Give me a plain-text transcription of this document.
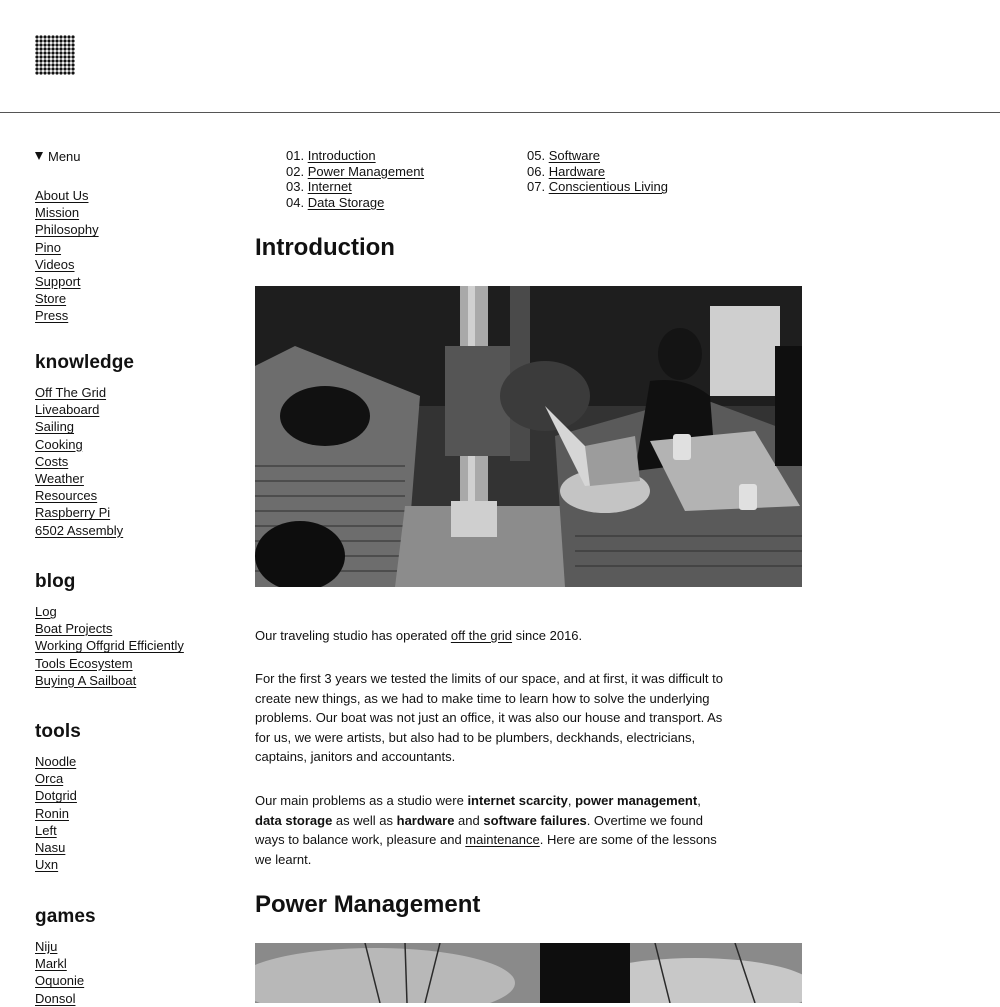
Menu
About Us
Mission
Philosophy
Pino
Videos
Support
Store
Press
knowledge
Off The Grid
Liveaboard
Sailing
Cooking
Costs
Weather
Resources
Raspberry Pi
6502 Assembly
blog
Log
Boat Projects
Working Offgrid Efficiently
Tools Ecosystem
Buying A Sailboat
tools
Noodle
Orca
Dotgrid
Ronin
Left
Nasu
Uxn
games
Niju
Markl
Oquonie
Donsol
01. Introduction
02. Power Management
03. Internet
04. Data Storage
05. Software
06. Hardware
07. Conscientious Living
Introduction

Our traveling studio has operated off the grid since 2016.

For the first 3 years we tested the limits of our space, and at first, it was difficult to create new things, as we had to make time to learn how to solve the underlying problems. Our boat was not just an office, it was also our house and transport. As for us, we were artists, but also had to be plumbers, deckhands, electricians, captains, janitors and accountants.

Our main problems as a studio were internet scarcity, power management, data storage as well as hardware and software failures. Overtime we found ways to balance work, pleasure and maintenance. Here are some of the lessons we learnt.

Power Management
